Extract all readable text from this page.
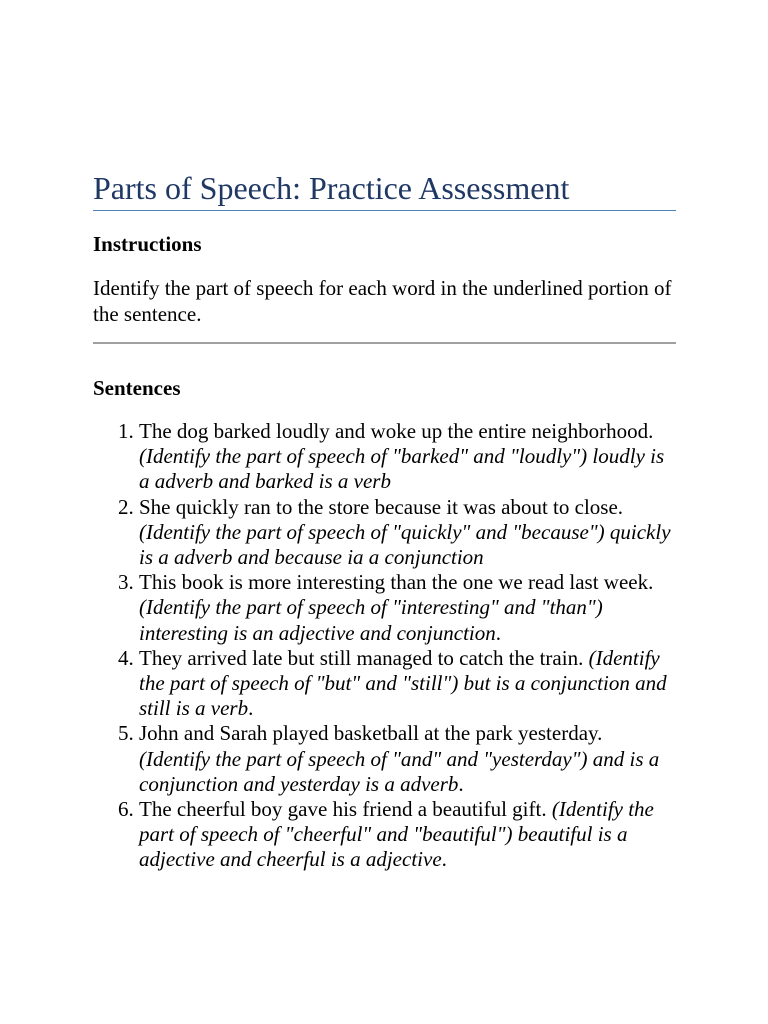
Parts of Speech: Practice Assessment
Instructions

Identify the part of speech for each word in the underlined portion of the sentence.

Sentences
1. The dog barked loudly and woke up the entire neighborhood. (Identify the part of speech of "barked" and "loudly") loudly is a adverb and barked is a verb
2. She quickly ran to the store because it was about to close. (Identify the part of speech of "quickly" and "because") quickly is a adverb and because ia a conjunction
3. This book is more interesting than the one we read last week. (Identify the part of speech of "interesting" and "than") interesting is an adjective and conjunction.
4. They arrived late but still managed to catch the train. (Identify the part of speech of "but" and "still") but is a conjunction and still is a verb.
5. John and Sarah played basketball at the park yesterday. (Identify the part of speech of "and" and "yesterday") and is a conjunction and yesterday is a adverb.
6. The cheerful boy gave his friend a beautiful gift. (Identify the part of speech of "cheerful" and "beautiful") beautiful is a adjective and cheerful is a adjective.
